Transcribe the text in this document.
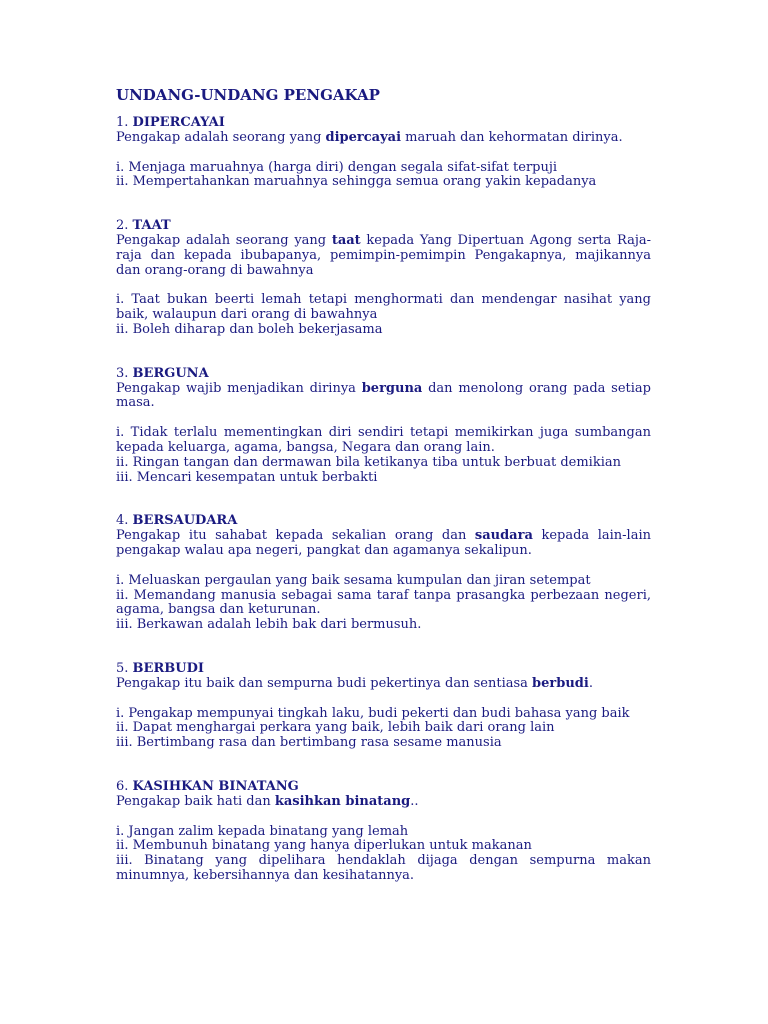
UNDANG-UNDANG PENGAKAP

1. DIPERCAYAI

Pengakap adalah seorang yang dipercayai maruah dan kehormatan dirinya.

i. Menjaga maruahnya (harga diri) dengan segala sifat-sifat terpuji
ii. Mempertahankan maruahnya sehingga semua orang yakin kepadanya

2. TAAT

Pengakap adalah seorang yang taat kepada Yang Dipertuan Agong serta Raja-raja dan kepada ibubapanya, pemimpin-pemimpin Pengakapnya, majikannya dan orang-orang di bawahnya

i. Taat bukan beerti lemah tetapi menghormati dan mendengar nasihat yang baik, walaupun dari orang di bawahnya
ii. Boleh diharap dan boleh bekerjasama

3. BERGUNA

Pengakap wajib menjadikan dirinya berguna dan menolong orang pada setiap masa.

i. Tidak terlalu mementingkan diri sendiri tetapi memikirkan juga sumbangan kepada keluarga, agama, bangsa, Negara dan orang lain.
ii. Ringan tangan dan dermawan bila ketikanya tiba untuk berbuat demikian
iii. Mencari kesempatan untuk berbakti

4. BERSAUDARA

Pengakap itu sahabat kepada sekalian orang dan saudara kepada lain-lain pengakap walau apa negeri, pangkat dan agamanya sekalipun.

i. Meluaskan pergaulan yang baik sesama kumpulan dan jiran setempat
ii. Memandang manusia sebagai sama taraf tanpa prasangka perbezaan negeri, agama, bangsa dan keturunan.
iii. Berkawan adalah lebih bak dari bermusuh.

5. BERBUDI

Pengakap itu baik dan sempurna budi pekertinya dan sentiasa berbudi.

i. Pengakap mempunyai tingkah laku, budi pekerti dan budi bahasa yang baik
ii. Dapat menghargai perkara yang baik, lebih baik dari orang lain
iii. Bertimbang rasa dan bertimbang rasa sesame manusia

6. KASIHKAN BINATANG

Pengakap baik hati dan kasihkan binatang..

i. Jangan zalim kepada binatang yang lemah
ii. Membunuh binatang yang hanya diperlukan untuk makanan
iii. Binatang yang dipelihara hendaklah dijaga dengan sempurna makan minumnya, kebersihannya dan kesihatannya.
